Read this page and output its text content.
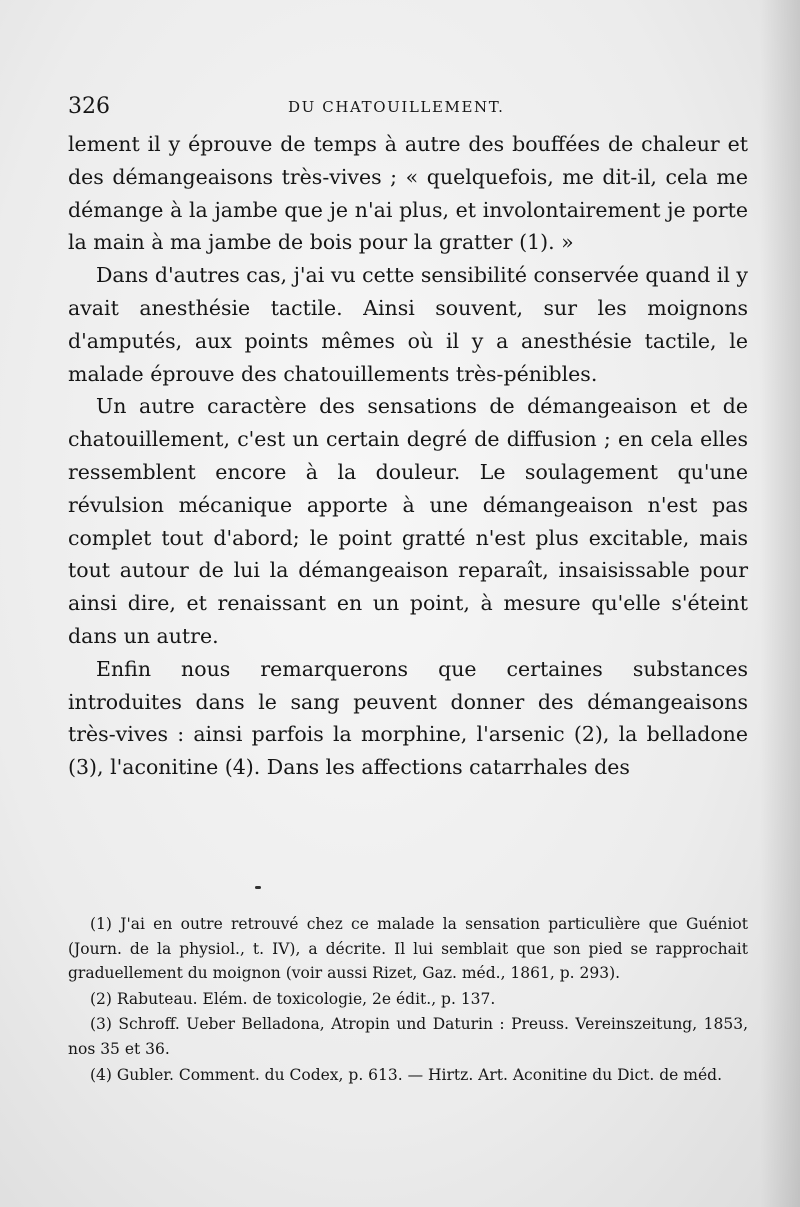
326	DU CHATOUILLEMENT.

lement il y éprouve de temps à autre des bouffées de chaleur et des démangeaisons très-vives ; « quelquefois, me dit-il, cela me démange à la jambe que je n'ai plus, et involontairement je porte la main à ma jambe de bois pour la gratter (1). »

Dans d'autres cas, j'ai vu cette sensibilité conservée quand il y avait anesthésie tactile. Ainsi souvent, sur les moignons d'amputés, aux points mêmes où il y a anesthésie tactile, le malade éprouve des chatouillements très-pénibles.

Un autre caractère des sensations de démangeaison et de chatouillement, c'est un certain degré de diffusion ; en cela elles ressemblent encore à la douleur. Le soulagement qu'une révulsion mécanique apporte à une démangeaison n'est pas complet tout d'abord; le point gratté n'est plus excitable, mais tout autour de lui la démangeaison reparaît, insaisissable pour ainsi dire, et renaissant en un point, à mesure qu'elle s'éteint dans un autre.

Enfin nous remarquerons que certaines substances introduites dans le sang peuvent donner des démangeaisons très-vives : ainsi parfois la morphine, l'arsenic (2), la belladone (3), l'aconitine (4). Dans les affections catarrhales des

(1) J'ai en outre retrouvé chez ce malade la sensation particulière que Guéniot (Journ. de la physiol., t. IV), a décrite. Il lui semblait que son pied se rapprochait graduellement du moignon (voir aussi Rizet, Gaz. méd., 1861, p. 293).

(2) Rabuteau. Elém. de toxicologie, 2e édit., p. 137.

(3) Schroff. Ueber Belladona, Atropin und Daturin : Preuss. Vereinszeitung, 1853, nos 35 et 36.

(4) Gubler. Comment. du Codex, p. 613. — Hirtz. Art. Aconitine du Dict. de méd.
